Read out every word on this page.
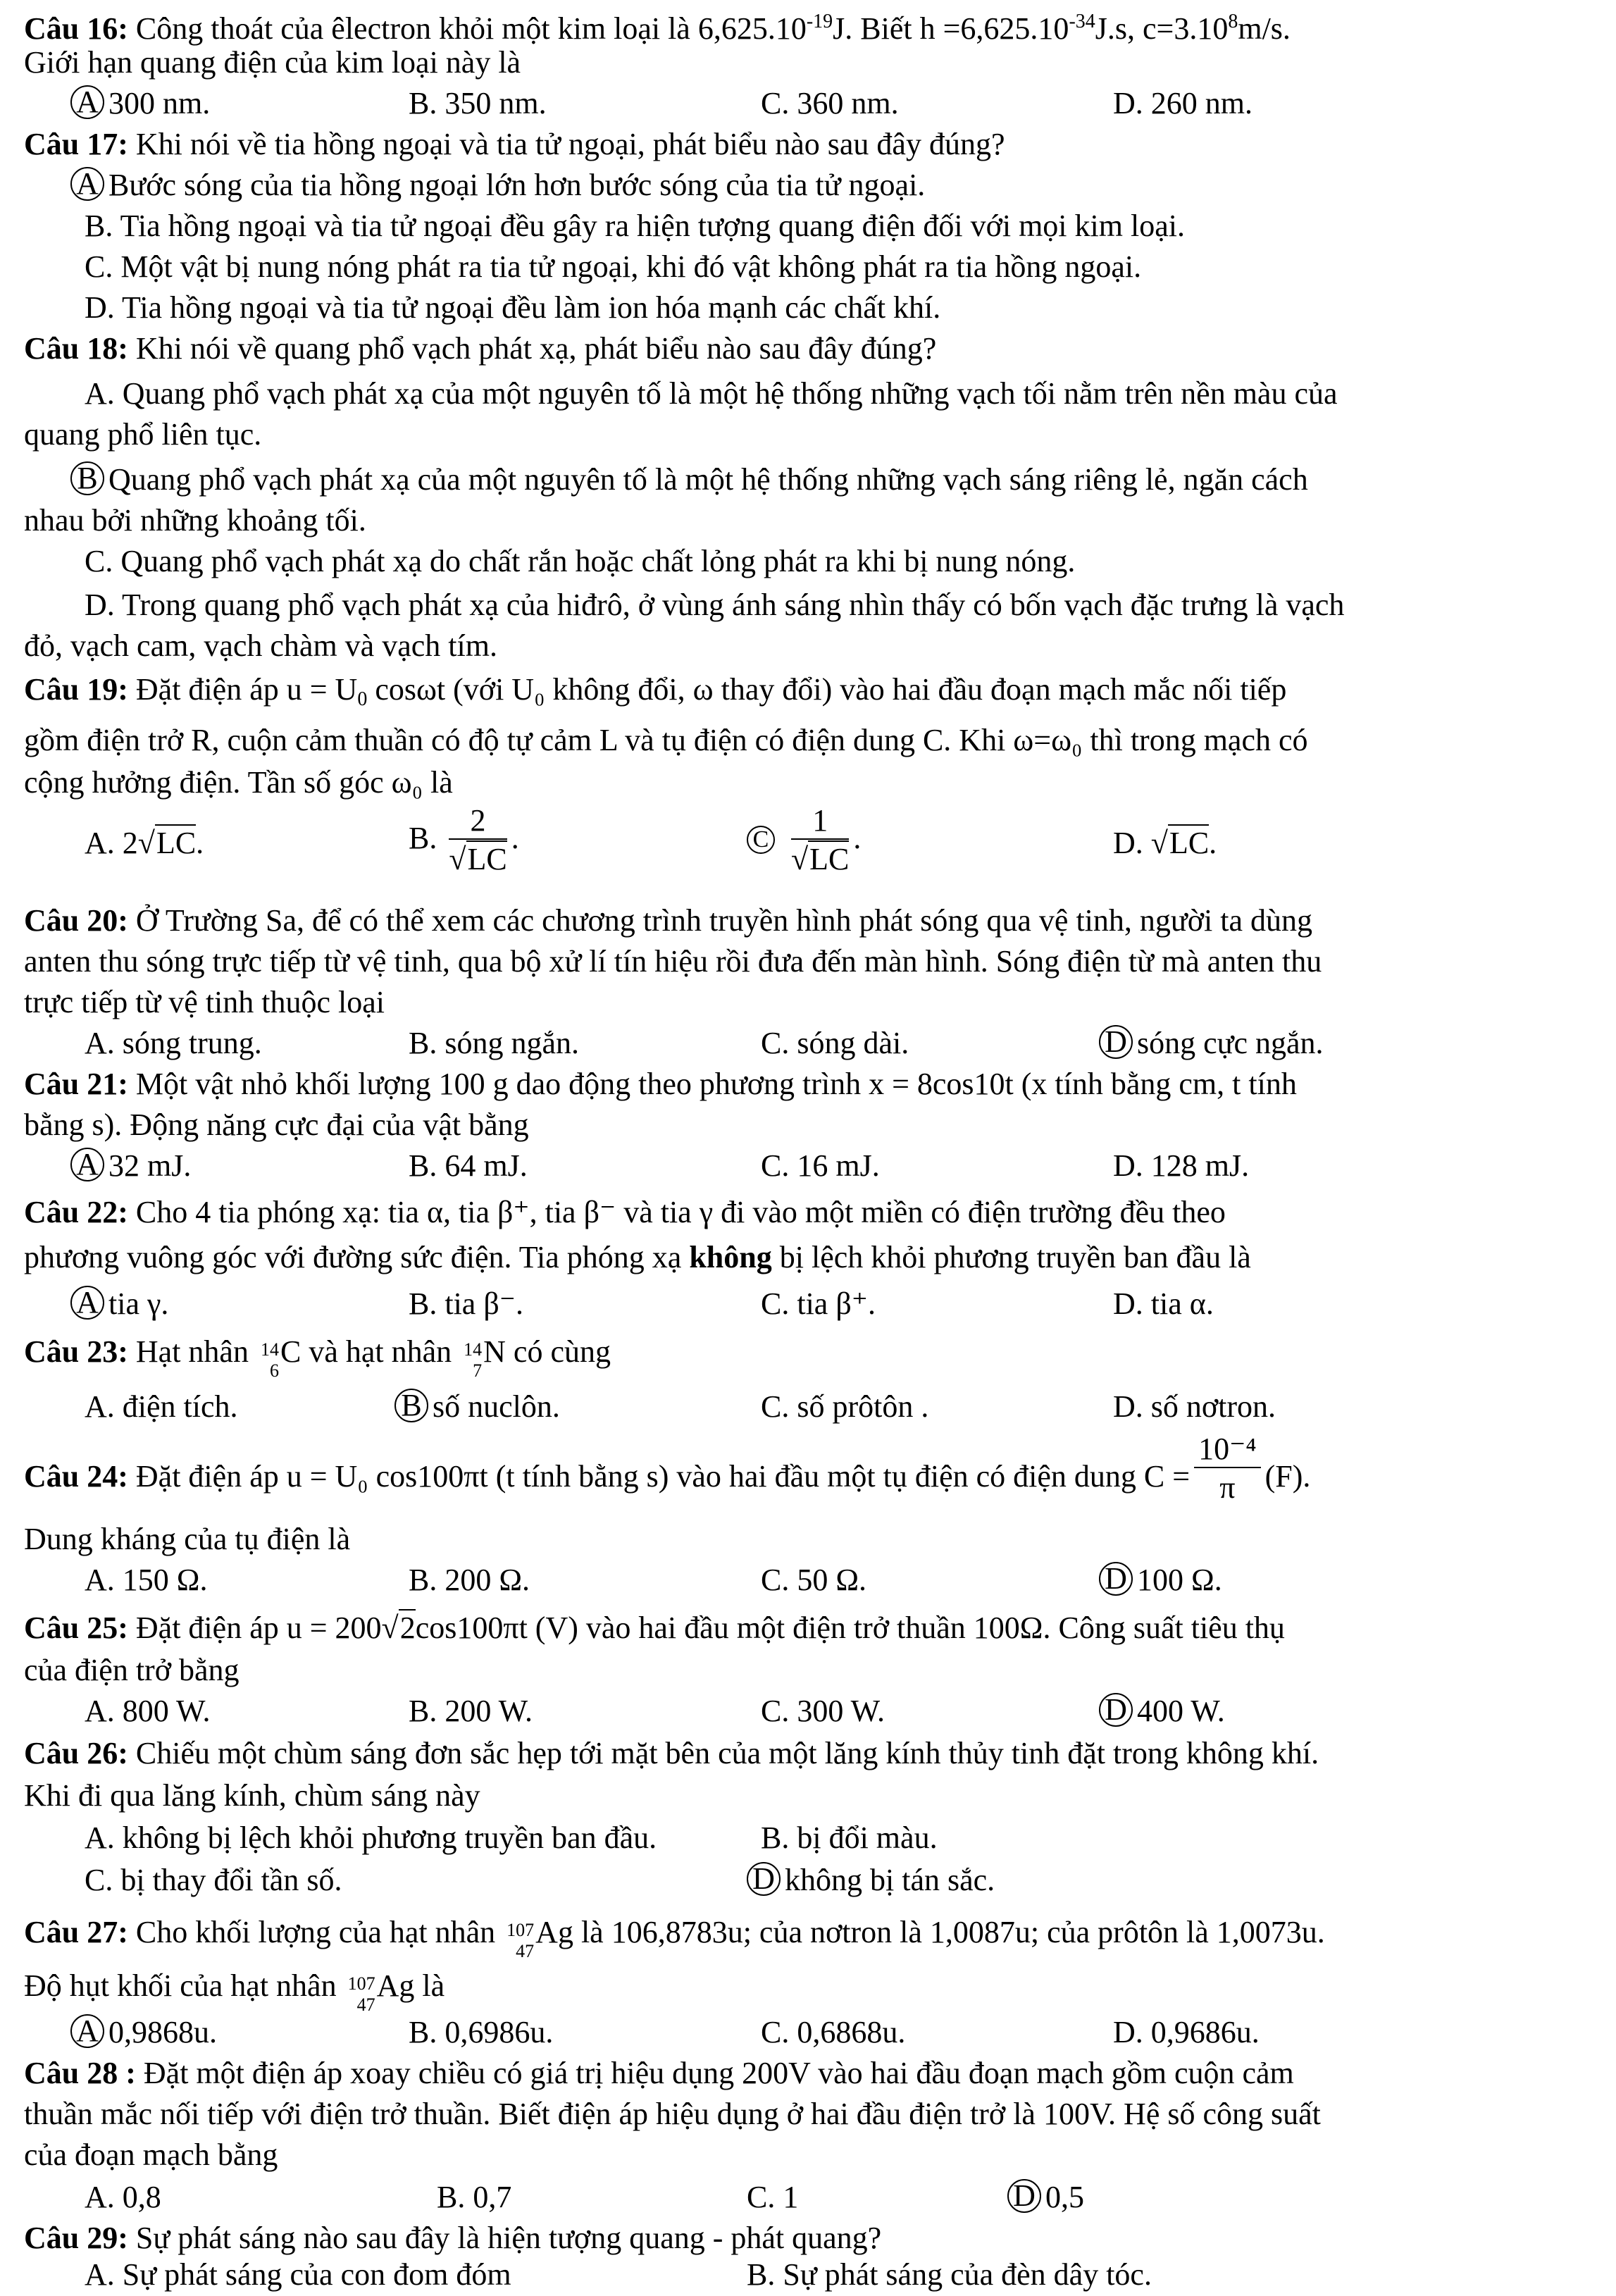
Câu 16: Công thoát của êlectron khỏi một kim loại là $6,625.10^{-19}J$. Biết $h =6,625.10^{-34}J.s$, $c=3.10^8m/s$.
Giới hạn quang điện của kim loại này là
A 300 nm.	B. 350 nm.	C. 360 nm.	D. 260 nm.
Câu 17: Khi nói về tia hồng ngoại và tia tử ngoại, phát biểu nào sau đây đúng?
A Bước sóng của tia hồng ngoại lớn hơn bước sóng của tia tử ngoại.
B. Tia hồng ngoại và tia tử ngoại đều gây ra hiện tượng quang điện đối với mọi kim loại.
C. Một vật bị nung nóng phát ra tia tử ngoại, khi đó vật không phát ra tia hồng ngoại.
D. Tia hồng ngoại và tia tử ngoại đều làm ion hóa mạnh các chất khí.
Câu 18: Khi nói về quang phổ vạch phát xạ, phát biểu nào sau đây đúng?
A. Quang phổ vạch phát xạ của một nguyên tố là một hệ thống những vạch tối nằm trên nền màu của
quang phổ liên tục.
B Quang phổ vạch phát xạ của một nguyên tố là một hệ thống những vạch sáng riêng lẻ, ngăn cách
nhau bởi những khoảng tối.
C. Quang phổ vạch phát xạ do chất rắn hoặc chất lỏng phát ra khi bị nung nóng.
D. Trong quang phổ vạch phát xạ của hiđrô, ở vùng ánh sáng nhìn thấy có bốn vạch đặc trưng là vạch
đỏ, vạch cam, vạch chàm và vạch tím.
Câu 19: Đặt điện áp $u = U_0$ cosωt (với U₀ không đổi, ω thay đổi) vào hai đầu đoạn mạch mắc nối tiếp
gồm điện trở R, cuộn cảm thuần có độ tự cảm L và tụ điện có điện dung C. Khi ω=ω₀ thì trong mạch có
cộng hưởng điện. Tần số góc ω₀ là
A. 2√LC.	B. $\frac{2}{√LC}$ .	C $\frac{1}{√LC}$ .	D. √LC.
Câu 20: Ở Trường Sa, để có thể xem các chương trình truyền hình phát sóng qua vệ tinh, người ta dùng
anten thu sóng trực tiếp từ vệ tinh, qua bộ xử lí tín hiệu rồi đưa đến màn hình. Sóng điện từ mà anten thu
trực tiếp từ vệ tinh thuộc loại
A. sóng trung.	B. sóng ngắn.	C. sóng dài.	D sóng cực ngắn.
Câu 21: Một vật nhỏ khối lượng 100 g dao động theo phương trình x = 8cos10t (x tính bằng cm, t tính
bằng s). Động năng cực đại của vật bằng
A 32 mJ.	B. 64 mJ.	C. 16 mJ.	D. 128 mJ.
Câu 22: Cho 4 tia phóng xạ: tia α, tia β⁺, tia β⁻ và tia γ đi vào một miền có điện trường đều theo
phương vuông góc với đường sức điện. Tia phóng xạ không bị lệch khỏi phương truyền ban đầu là
A tia γ.	B. tia β⁻.	C. tia β⁺.	D. tia α.
Câu 23: Hạt nhân 14
6
C và hạt nhân 14
7
N có cùng
A. điện tích.	B số nuclôn.	C. số prôtôn .	D. số nơtron.
Câu 24: Đặt điện áp u = U₀ cos100πt (t tính bằng s) vào hai đầu một tụ điện có điện dung $C = \frac{\text{10⁻⁴}}{\pi} (F)$.
Dung kháng của tụ điện là
A. 150 Ω.	B. 200 Ω.	C. 50 Ω.	D 100 Ω.
Câu 25: Đặt điện áp u = 200√2cos100πt (V) vào hai đầu một điện trở thuần 100Ω. Công suất tiêu thụ
của điện trở bằng
A. 800 W.	B. 200 W.	C. 300 W.	D 400 W.
Câu 26: Chiếu một chùm sáng đơn sắc hẹp tới mặt bên của một lăng kính thủy tinh đặt trong không khí.
Khi đi qua lăng kính, chùm sáng này
A. không bị lệch khỏi phương truyền ban đầu.	B. bị đổi màu.
C. bị thay đổi tần số.	D không bị tán sắc.
Câu 27: Cho khối lượng của hạt nhân 107
47
Ag là 106,8783u; của nơtron là 1,0087u; của prôtôn là 1,0073u.
Độ hụt khối của hạt nhân 107
47
Ag là
A 0,9868u.	B. 0,6986u.	C. 0,6868u.	D. 0,9686u.
Câu 28 : Đặt một điện áp xoay chiều có giá trị hiệu dụng 200V vào hai đầu đoạn mạch gồm cuộn cảm
thuần mắc nối tiếp với điện trở thuần. Biết điện áp hiệu dụng ở hai đầu điện trở là 100V. Hệ số công suất
của đoạn mạch bằng
A. 0,8	B. 0,7	C. 1	D 0,5
Câu 29: Sự phát sáng nào sau đây là hiện tượng quang - phát quang?
A. Sự phát sáng của con đom đóm	B. Sự phát sáng của đèn dây tóc.
